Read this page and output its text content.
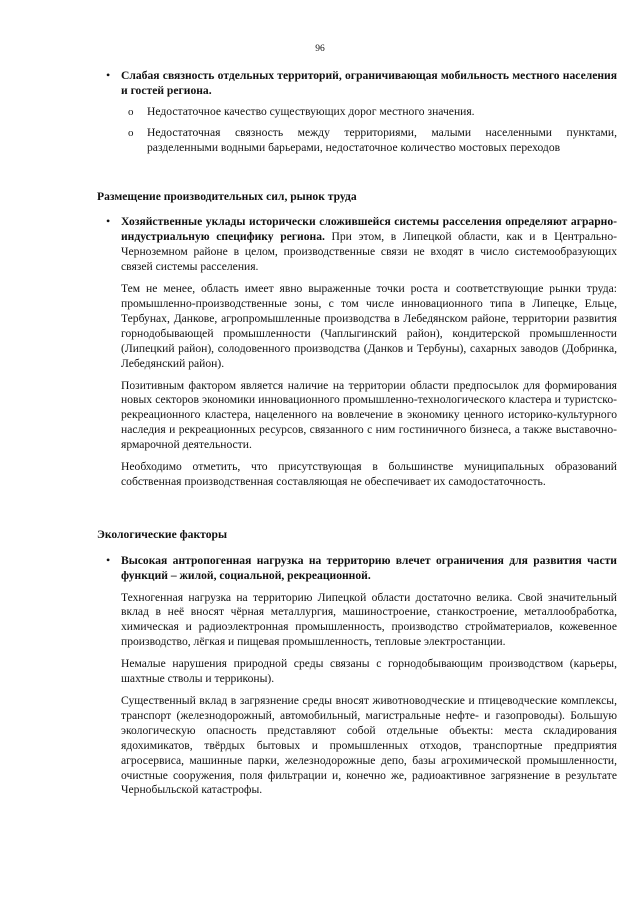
96
• Слабая связность отдельных территорий, ограничивающая мобильность местного населения и гостей региона.
o Недостаточное качество существующих дорог местного значения.
o Недостаточная связность между территориями, малыми населенными пунктами, разделенными водными барьерами, недостаточное количество мостовых переходов

Размещение производительных сил, рынок труда

• Хозяйственные уклады исторически сложившейся системы расселения определяют аграрно-индустриальную специфику региона. При этом, в Липецкой области, как и в Центрально-Черноземном районе в целом, производственные связи не входят в число системообразующих связей системы расселения.

Тем не менее, область имеет явно выраженные точки роста и соответствующие рынки труда: промышленно-производственные зоны, с том числе инновационного типа в Липецке, Ельце, Тербунах, Данкове, агропромышленные производства в Лебедянском районе, территории развития горнодобывающей промышленности (Чаплыгинский район), кондитерской промышленности (Липецкий район), солодовенного производства (Данков и Тербуны), сахарных заводов (Добринка, Лебедянский район).

Позитивным фактором является наличие на территории области предпосылок для формирования новых секторов экономики инновационного промышленно-технологического кластера и туристско-рекреационного кластера, нацеленного на вовлечение в экономику ценного историко-культурного наследия и рекреационных ресурсов, связанного с ним гостиничного бизнеса, а также выставочно-ярмарочной деятельности.

Необходимо отметить, что присутствующая в большинстве муниципальных образований собственная производственная составляющая не обеспечивает их самодостаточность.

Экологические факторы

• Высокая антропогенная нагрузка на территорию влечет ограничения для развития части функций – жилой, социальной, рекреационной.

Техногенная нагрузка на территорию Липецкой области достаточно велика. Свой значительный вклад в неё вносят чёрная металлургия, машиностроение, станкостроение, металлообработка, химическая и радиоэлектронная промышленность, производство стройматериалов, кожевенное производство, лёгкая и пищевая промышленность, тепловые электростанции.

Немалые нарушения природной среды связаны с горнодобывающим производством (карьеры, шахтные стволы и терриконы).

Существенный вклад в загрязнение среды вносят животноводческие и птицеводческие комплексы, транспорт (железнодорожный, автомобильный, магистральные нефте- и газопроводы). Большую экологическую опасность представляют собой отдельные объекты: места складирования ядохимикатов, твёрдых бытовых и промышленных отходов, транспортные предприятия агросервиса, машинные парки, железнодорожные депо, базы агрохимической промышленности, очистные сооружения, поля фильтрации и, конечно же, радиоактивное загрязнение в результате Чернобыльской катастрофы.
